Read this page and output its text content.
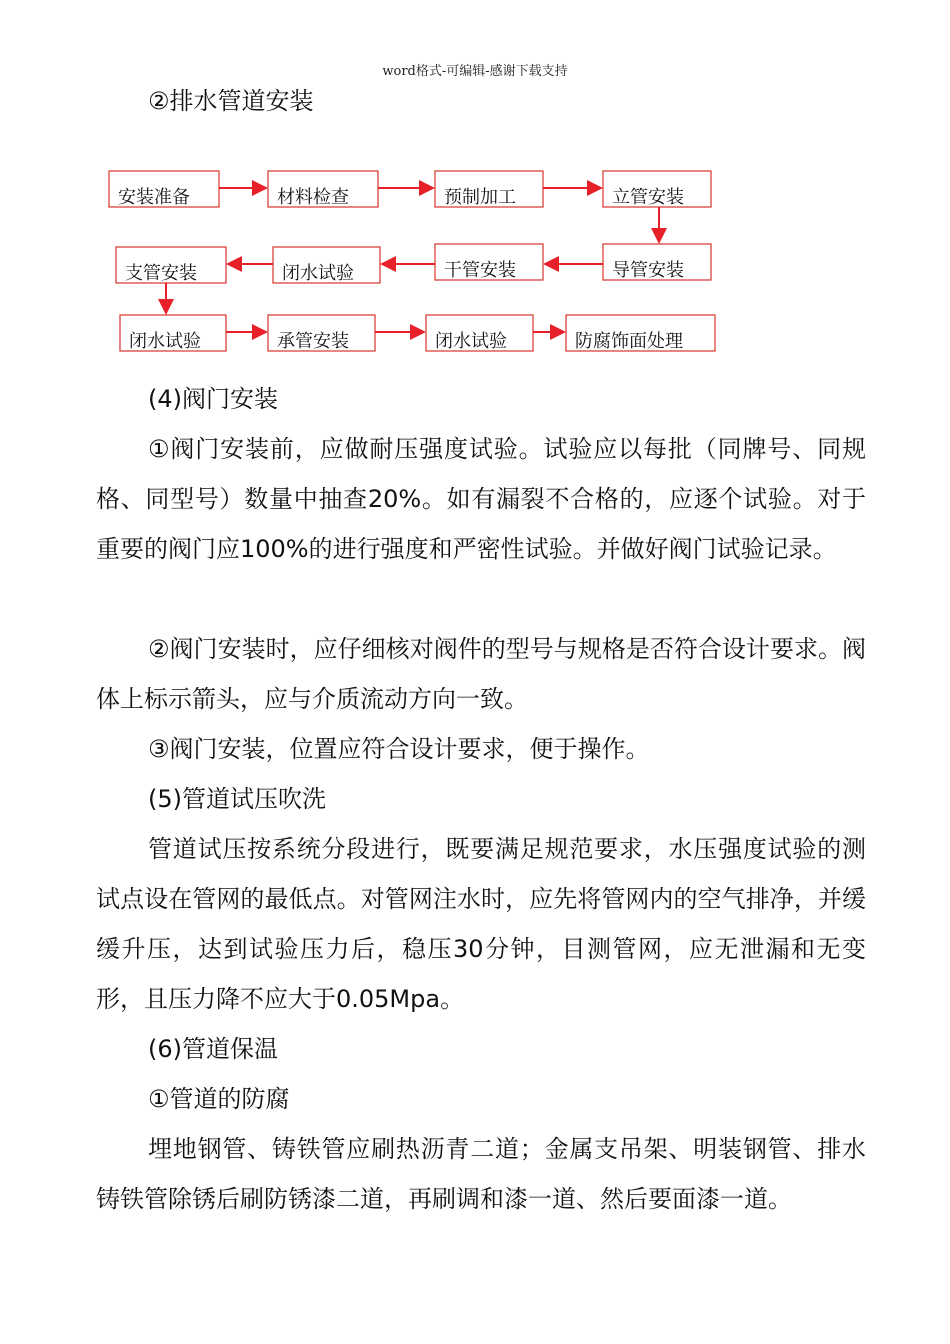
word格式-可编辑-感谢下载支持
②排水管道安装
安装准备	材料检查	预制加工	立管安装
支管安装	闭水试验	干管安装	导管安装
闭水试验	承管安装	闭水试验	防腐饰面处理
(4)阀门安装
①阀门安装前，应做耐压强度试验。试验应以每批（同牌号、同规格、同型号）数量中抽查20%。如有漏裂不合格的，应逐个试验。对于重要的阀门应100%的进行强度和严密性试验。并做好阀门试验记录。
②阀门安装时，应仔细核对阀件的型号与规格是否符合设计要求。阀体上标示箭头，应与介质流动方向一致。
③阀门安装，位置应符合设计要求，便于操作。
(5)管道试压吹洗
管道试压按系统分段进行，既要满足规范要求，水压强度试验的测试点设在管网的最低点。对管网注水时，应先将管网内的空气排净，并缓缓升压，达到试验压力后，稳压30分钟，目测管网，应无泄漏和无变形，且压力降不应大于0.05Mpa。
(6)管道保温
①管道的防腐
埋地钢管、铸铁管应刷热沥青二道；金属支吊架、明装钢管、排水铸铁管除锈后刷防锈漆二道，再刷调和漆一道、然后要面漆一道。
